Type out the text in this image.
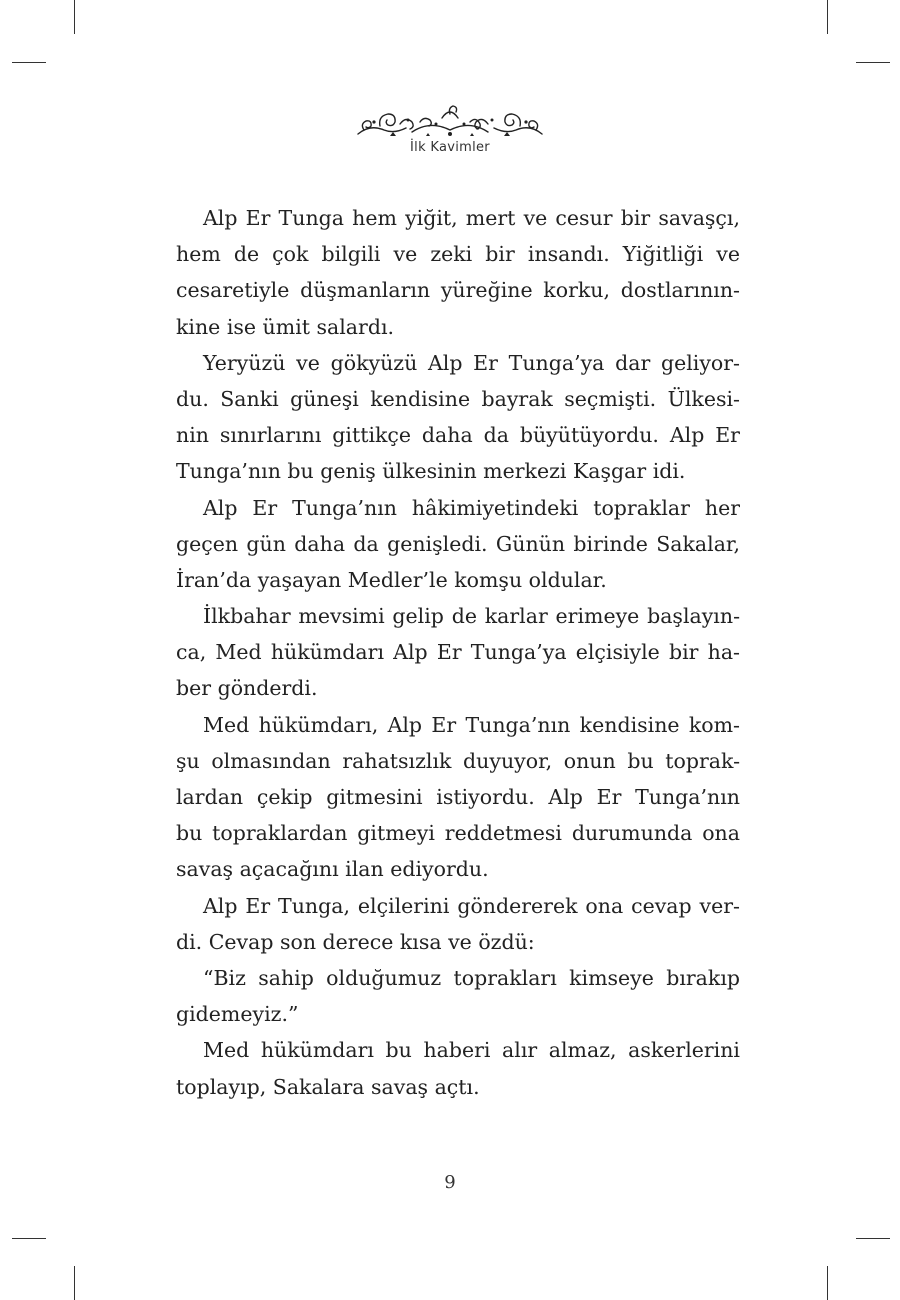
İlk Kavimler

Alp Er Tunga hem yiğit, mert ve cesur bir savaşçı,
hem de çok bilgili ve zeki bir insandı. Yiğitliği ve
cesaretiyle düşmanların yüreğine korku, dostlarının-
kine ise ümit salardı.

Yeryüzü ve gökyüzü Alp Er Tunga’ya dar geliyor-
du. Sanki güneşi kendisine bayrak seçmişti. Ülkesi-
nin sınırlarını gittikçe daha da büyütüyordu. Alp Er
Tunga’nın bu geniş ülkesinin merkezi Kaşgar idi.

Alp Er Tunga’nın hâkimiyetindeki topraklar her
geçen gün daha da genişledi. Günün birinde Sakalar,
İran’da yaşayan Medler’le komşu oldular.

İlkbahar mevsimi gelip de karlar erimeye başlayın-
ca, Med hükümdarı Alp Er Tunga’ya elçisiyle bir ha-
ber gönderdi.

Med hükümdarı, Alp Er Tunga’nın kendisine kom-
şu olmasından rahatsızlık duyuyor, onun bu toprak-
lardan çekip gitmesini istiyordu. Alp Er Tunga’nın
bu topraklardan gitmeyi reddetmesi durumunda ona
savaş açacağını ilan ediyordu.

Alp Er Tunga, elçilerini göndererek ona cevap ver-
di. Cevap son derece kısa ve özdü:

“Biz sahip olduğumuz toprakları kimseye bırakıp
gidemeyiz.”

Med hükümdarı bu haberi alır almaz, askerlerini
toplayıp, Sakalara savaş açtı.

9
